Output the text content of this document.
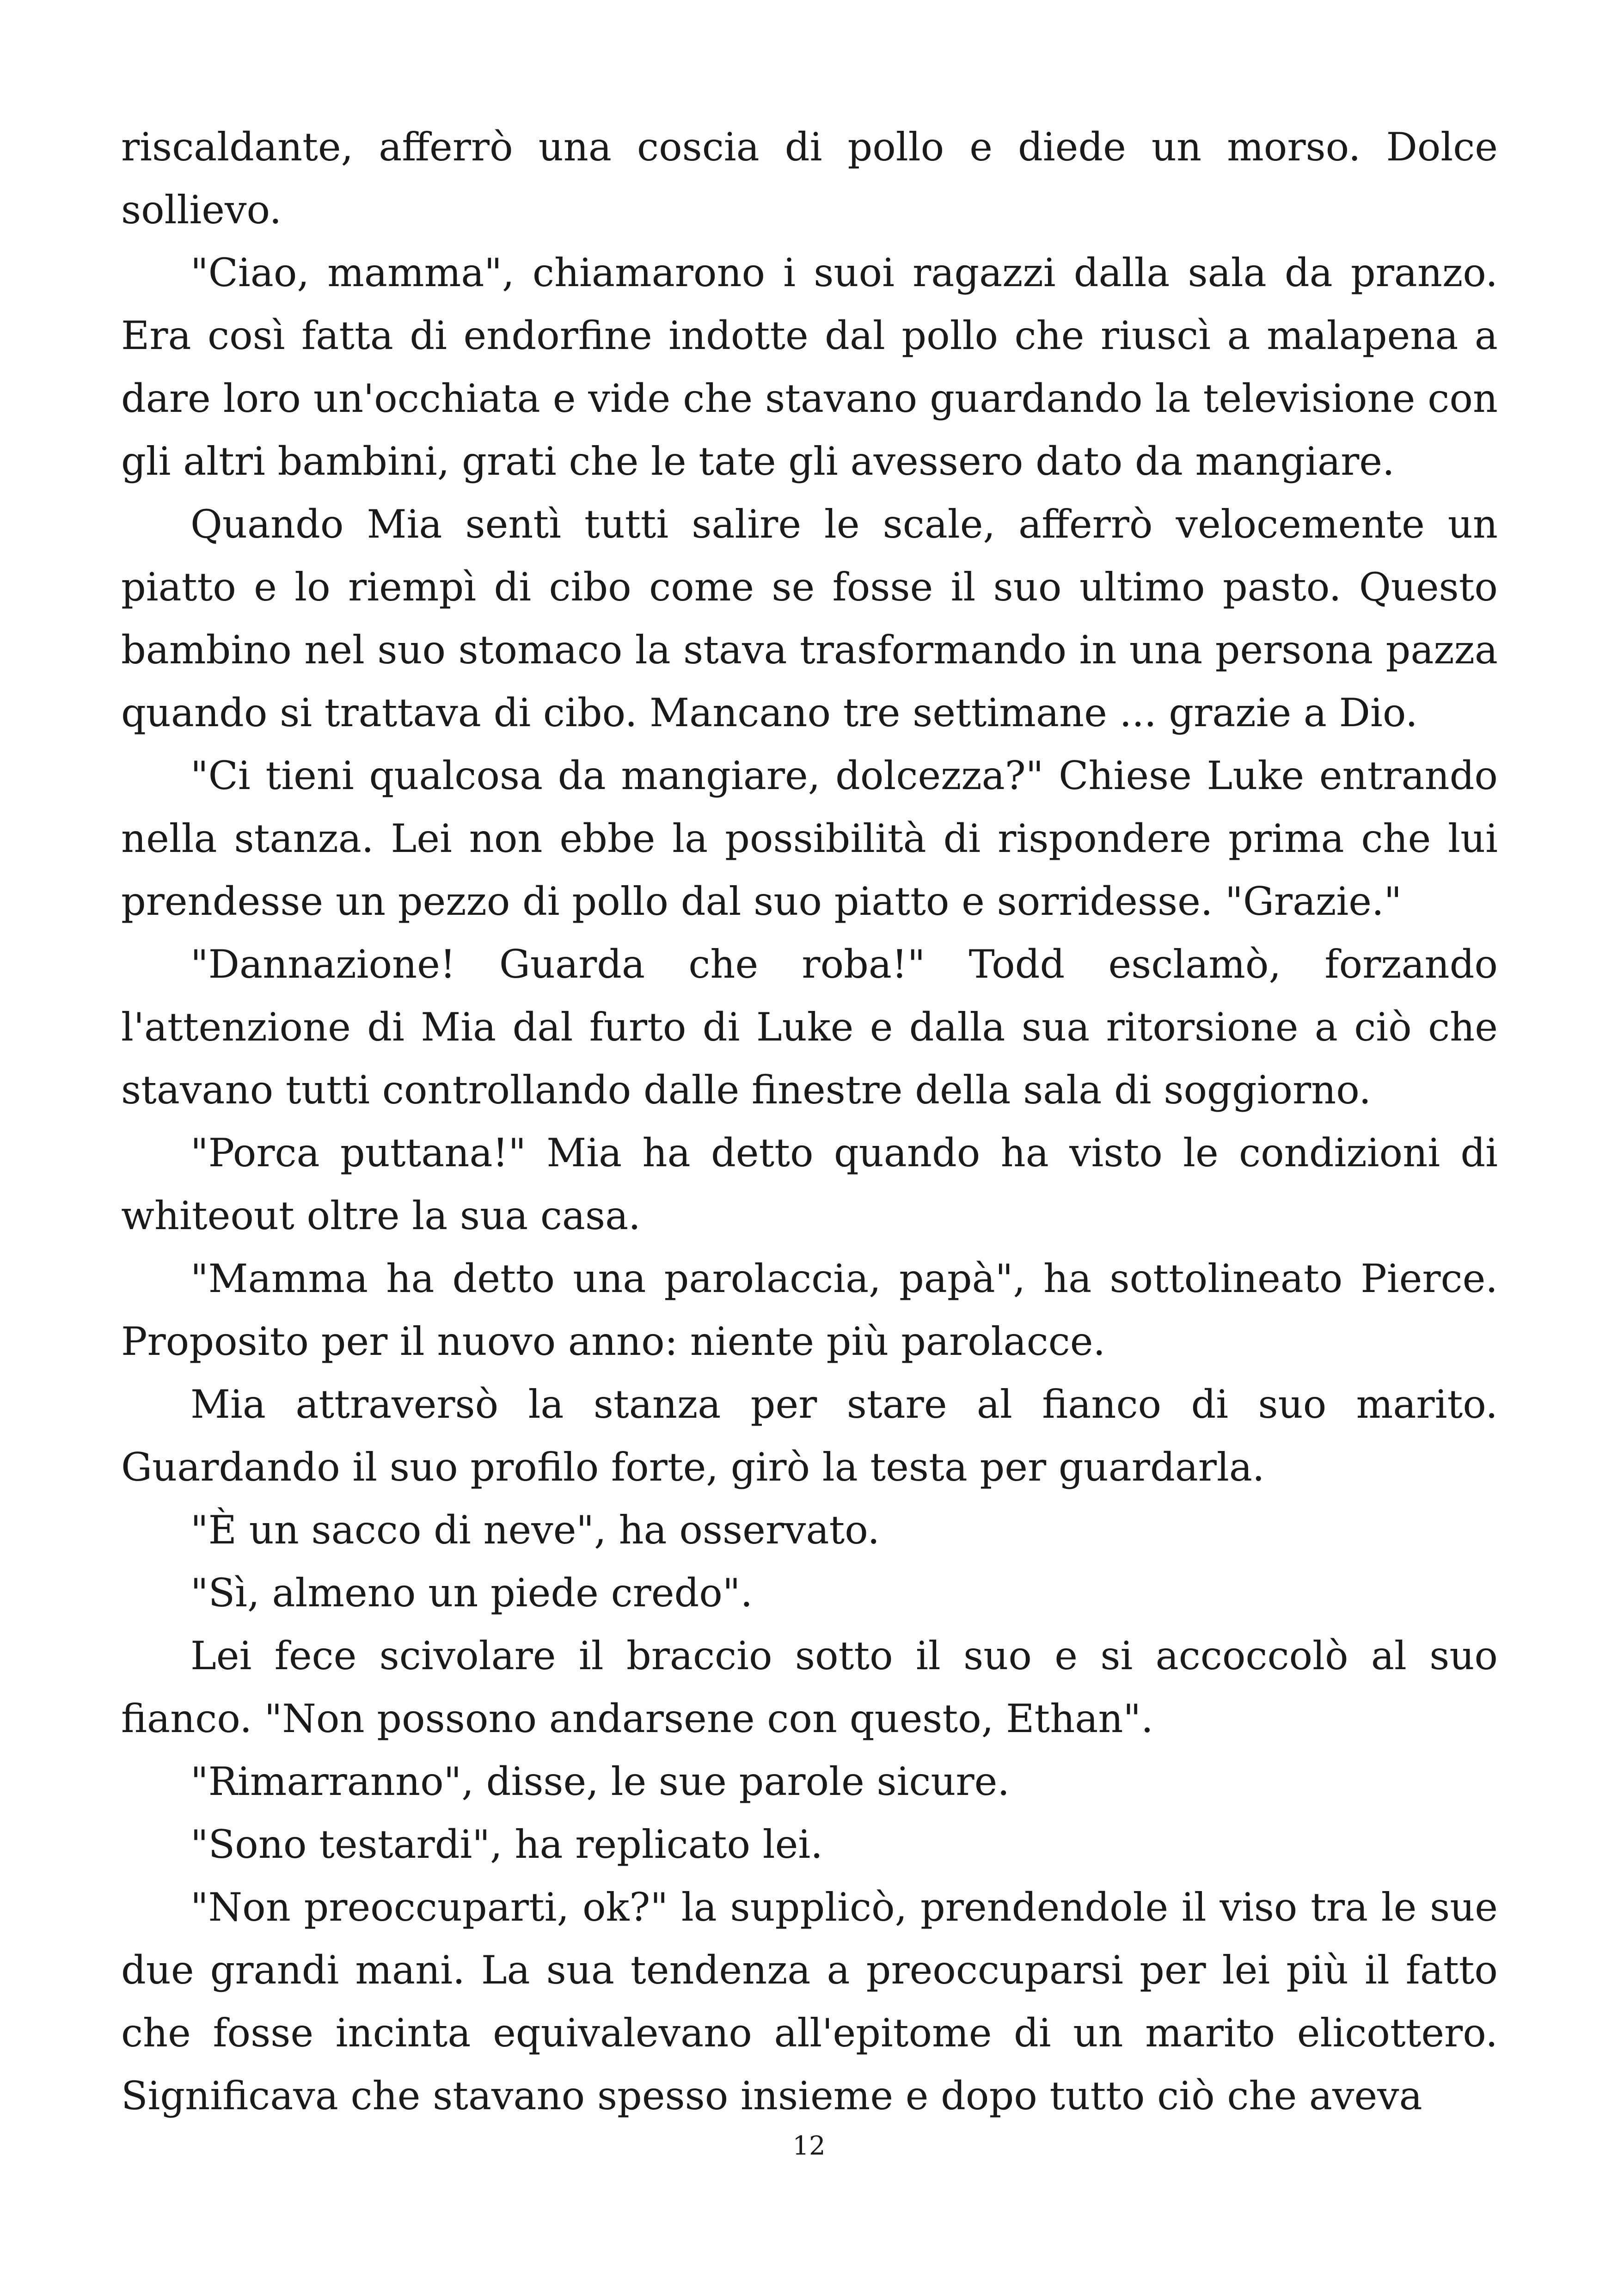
riscaldante, afferrò una coscia di pollo e diede un morso. Dolce sollievo.

"Ciao, mamma", chiamarono i suoi ragazzi dalla sala da pranzo. Era così fatta di endorfine indotte dal pollo che riuscì a malapena a dare loro un'occhiata e vide che stavano guardando la televisione con gli altri bambini, grati che le tate gli avessero dato da mangiare.

Quando Mia sentì tutti salire le scale, afferrò velocemente un piatto e lo riempì di cibo come se fosse il suo ultimo pasto. Questo bambino nel suo stomaco la stava trasformando in una persona pazza quando si trattava di cibo. Mancano tre settimane ... grazie a Dio.

"Ci tieni qualcosa da mangiare, dolcezza?" Chiese Luke entrando nella stanza. Lei non ebbe la possibilità di rispondere prima che lui prendesse un pezzo di pollo dal suo piatto e sorridesse. "Grazie."

"Dannazione! Guarda che roba!" Todd esclamò, forzando l'attenzione di Mia dal furto di Luke e dalla sua ritorsione a ciò che stavano tutti controllando dalle finestre della sala di soggiorno.

"Porca puttana!" Mia ha detto quando ha visto le condizioni di whiteout oltre la sua casa.

"Mamma ha detto una parolaccia, papà", ha sottolineato Pierce. Proposito per il nuovo anno: niente più parolacce.

Mia attraversò la stanza per stare al fianco di suo marito. Guardando il suo profilo forte, girò la testa per guardarla.

"È un sacco di neve", ha osservato.

"Sì, almeno un piede credo".

Lei fece scivolare il braccio sotto il suo e si accoccolò al suo fianco. "Non possono andarsene con questo, Ethan".

"Rimarranno", disse, le sue parole sicure.

"Sono testardi", ha replicato lei.

"Non preoccuparti, ok?" la supplicò, prendendole il viso tra le sue due grandi mani. La sua tendenza a preoccuparsi per lei più il fatto che fosse incinta equivalevano all'epitome di un marito elicottero. Significava che stavano spesso insieme e dopo tutto ciò che aveva

12
